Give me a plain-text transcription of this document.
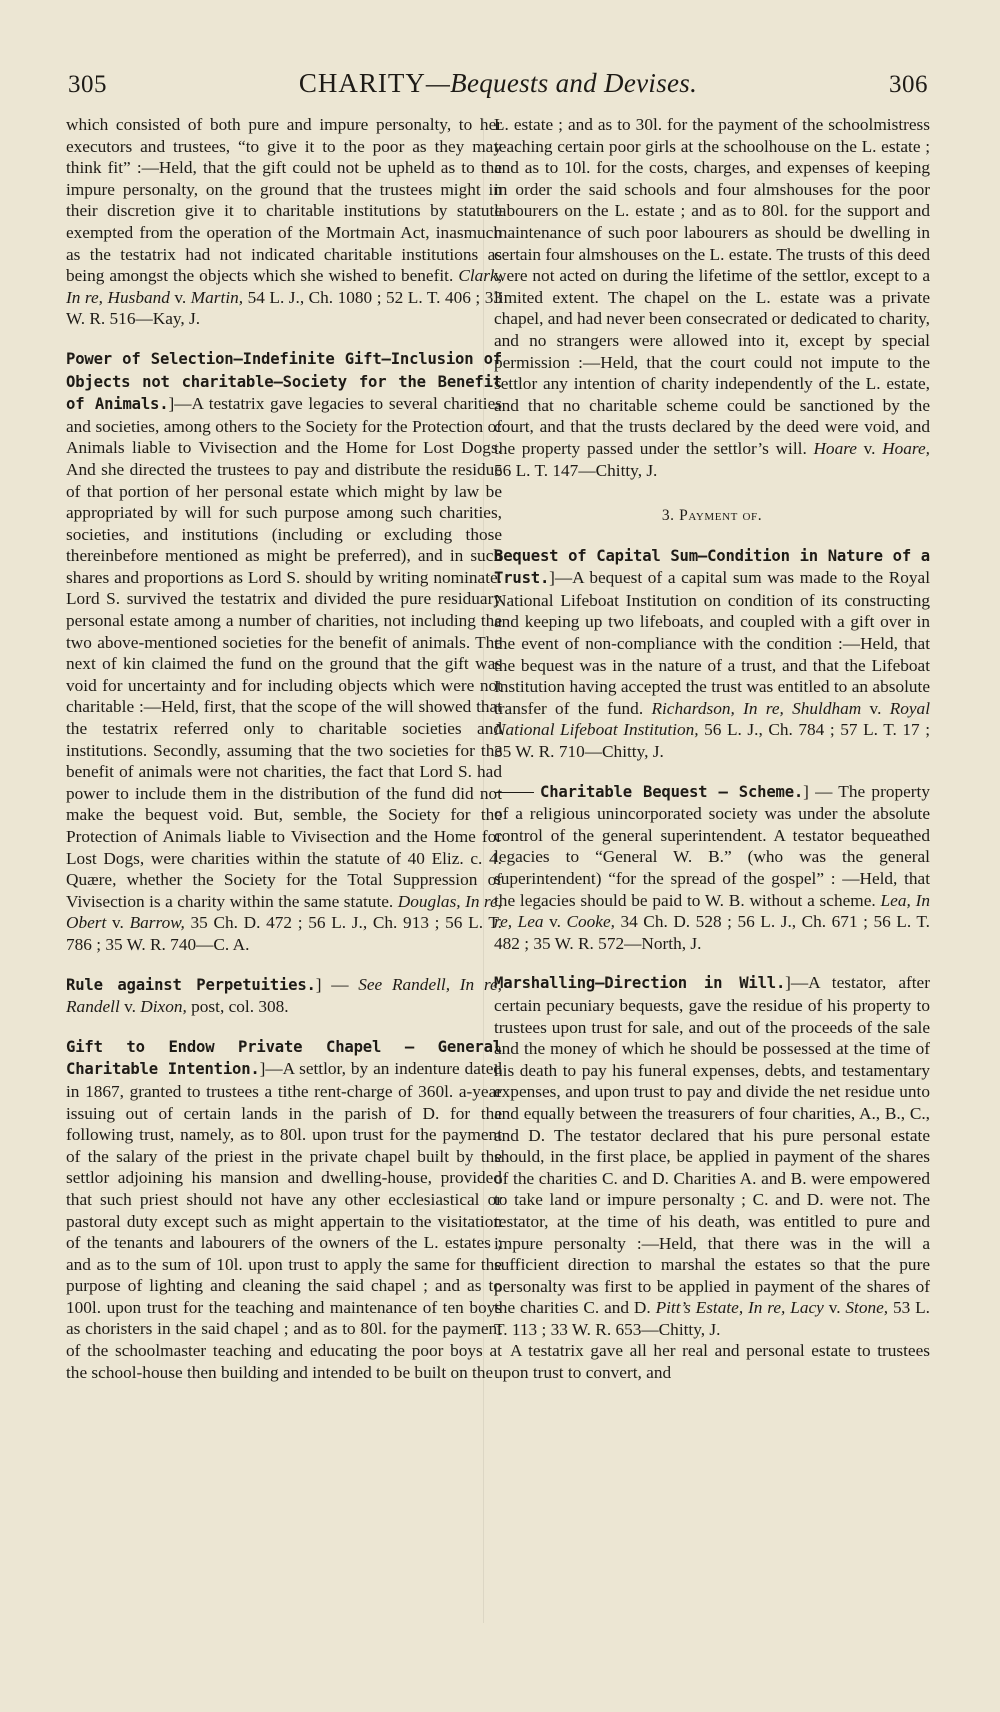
305	CHARITY—Bequests and Devises.	306

which consisted of both pure and impure personalty, to her executors and trustees, “to give it to the poor as they may think fit” :—Held, that the gift could not be upheld as to the impure personalty, on the ground that the trustees might in their discretion give it to charitable institutions by statute exempted from the operation of the Mortmain Act, inasmuch as the testatrix had not indicated charitable institutions as being amongst the objects which she wished to benefit. Clark, In re, Husband v. Martin, 54 L. J., Ch. 1080 ; 52 L. T. 406 ; 33 W. R. 516—Kay, J.

Power of Selection—Indefinite Gift—Inclusion of Objects not charitable—Society for the Benefit of Animals.]—A testatrix gave legacies to several charities and societies, among others to the Society for the Protection of Animals liable to Vivisection and the Home for Lost Dogs. And she directed the trustees to pay and distribute the residue of that portion of her personal estate which might by law be appropriated by will for such purpose among such charities, societies, and institutions (including or excluding those thereinbefore mentioned as might be preferred), and in such shares and proportions as Lord S. should by writing nominate. Lord S. survived the testatrix and divided the pure residuary personal estate among a number of charities, not including the two above-mentioned societies for the benefit of animals. The next of kin claimed the fund on the ground that the gift was void for uncertainty and for including objects which were not charitable :—Held, first, that the scope of the will showed that the testatrix referred only to charitable societies and institutions. Secondly, assuming that the two societies for the benefit of animals were not charities, the fact that Lord S. had power to include them in the distribution of the fund did not make the bequest void. But, semble, the Society for the Protection of Animals liable to Vivisection and the Home for Lost Dogs, were charities within the statute of 40 Eliz. c. 4. Quære, whether the Society for the Total Suppression of Vivisection is a charity within the same statute. Douglas, In re, Obert v. Barrow, 35 Ch. D. 472 ; 56 L. J., Ch. 913 ; 56 L. T. 786 ; 35 W. R. 740—C. A.

Rule against Perpetuities.] — See Randell, In re, Randell v. Dixon, post, col. 308.

Gift to Endow Private Chapel — General Charitable Intention.]—A settlor, by an indenture dated in 1867, granted to trustees a tithe rent-charge of 360l. a-year issuing out of certain lands in the parish of D. for the following trust, namely, as to 80l. upon trust for the payment of the salary of the priest in the private chapel built by the settlor adjoining his mansion and dwelling-house, provided that such priest should not have any other ecclesiastical or pastoral duty except such as might appertain to the visitation of the tenants and labourers of the owners of the L. estates ; and as to the sum of 10l. upon trust to apply the same for the purpose of lighting and cleaning the said chapel ; and as to 100l. upon trust for the teaching and maintenance of ten boys as choristers in the said chapel ; and as to 80l. for the payment of the schoolmaster teaching and educating the poor boys at the school-house then building and intended to be built on the

L. estate ; and as to 30l. for the payment of the schoolmistress teaching certain poor girls at the schoolhouse on the L. estate ; and as to 10l. for the costs, charges, and expenses of keeping in order the said schools and four almshouses for the poor labourers on the L. estate ; and as to 80l. for the support and maintenance of such poor labourers as should be dwelling in certain four almshouses on the L. estate. The trusts of this deed were not acted on during the lifetime of the settlor, except to a limited extent. The chapel on the L. estate was a private chapel, and had never been consecrated or dedicated to charity, and no strangers were allowed into it, except by special permission :—Held, that the court could not impute to the settlor any intention of charity independently of the L. estate, and that no charitable scheme could be sanctioned by the court, and that the trusts declared by the deed were void, and the property passed under the settlor’s will. Hoare v. Hoare, 56 L. T. 147—Chitty, J.

3. Payment of.

Bequest of Capital Sum—Condition in Nature of a Trust.]—A bequest of a capital sum was made to the Royal National Lifeboat Institution on condition of its constructing and keeping up two lifeboats, and coupled with a gift over in the event of non-compliance with the condition :—Held, that the bequest was in the nature of a trust, and that the Lifeboat Institution having accepted the trust was entitled to an absolute transfer of the fund. Richardson, In re, Shuldham v. Royal National Lifeboat Institution, 56 L. J., Ch. 784 ; 57 L. T. 17 ; 35 W. R. 710—Chitty, J.

Charitable Bequest — Scheme.] — The property of a religious unincorporated society was under the absolute control of the general superintendent. A testator bequeathed legacies to “General W. B.” (who was the general superintendent) “for the spread of the gospel” : —Held, that the legacies should be paid to W. B. without a scheme. Lea, In re, Lea v. Cooke, 34 Ch. D. 528 ; 56 L. J., Ch. 671 ; 56 L. T. 482 ; 35 W. R. 572—North, J.

Marshalling—Direction in Will.]—A testator, after certain pecuniary bequests, gave the residue of his property to trustees upon trust for sale, and out of the proceeds of the sale and the money of which he should be possessed at the time of his death to pay his funeral expenses, debts, and testamentary expenses, and upon trust to pay and divide the net residue unto and equally between the treasurers of four charities, A., B., C., and D. The testator declared that his pure personal estate should, in the first place, be applied in payment of the shares of the charities C. and D. Charities A. and B. were empowered to take land or impure personalty ; C. and D. were not. The testator, at the time of his death, was entitled to pure and impure personalty :—Held, that there was in the will a sufficient direction to marshal the estates so that the pure personalty was first to be applied in payment of the shares of the charities C. and D. Pitt’s Estate, In re, Lacy v. Stone, 53 L. T. 113 ; 33 W. R. 653—Chitty, J.

A testatrix gave all her real and personal estate to trustees upon trust to convert, and
